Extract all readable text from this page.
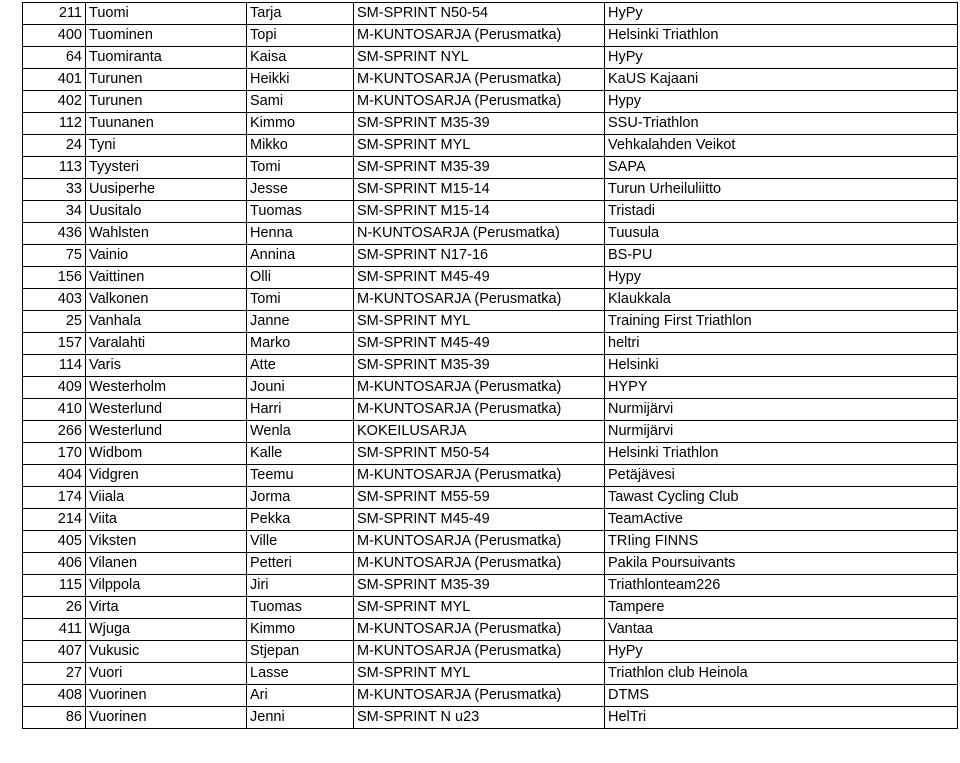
211	Tuomi	Tarja	SM-SPRINT N50-54	HyPy
400	Tuominen	Topi	M-KUNTOSARJA (Perusmatka)	Helsinki Triathlon
64	Tuomiranta	Kaisa	SM-SPRINT NYL	HyPy
401	Turunen	Heikki	M-KUNTOSARJA (Perusmatka)	KaUS Kajaani
402	Turunen	Sami	M-KUNTOSARJA (Perusmatka)	Hypy
112	Tuunanen	Kimmo	SM-SPRINT M35-39	SSU-Triathlon
24	Tyni	Mikko	SM-SPRINT MYL	Vehkalahden Veikot
113	Tyysteri	Tomi	SM-SPRINT M35-39	SAPA
33	Uusiperhe	Jesse	SM-SPRINT M15-14	Turun Urheiluliitto
34	Uusitalo	Tuomas	SM-SPRINT M15-14	Tristadi
436	Wahlsten	Henna	N-KUNTOSARJA (Perusmatka)	Tuusula
75	Vainio	Annina	SM-SPRINT N17-16	BS-PU
156	Vaittinen	Olli	SM-SPRINT M45-49	Hypy
403	Valkonen	Tomi	M-KUNTOSARJA (Perusmatka)	Klaukkala
25	Vanhala	Janne	SM-SPRINT MYL	Training First Triathlon
157	Varalahti	Marko	SM-SPRINT M45-49	heltri
114	Varis	Atte	SM-SPRINT M35-39	Helsinki
409	Westerholm	Jouni	M-KUNTOSARJA (Perusmatka)	HYPY
410	Westerlund	Harri	M-KUNTOSARJA (Perusmatka)	Nurmijärvi
266	Westerlund	Wenla	KOKEILUSARJA	Nurmijärvi
170	Widbom	Kalle	SM-SPRINT M50-54	Helsinki Triathlon
404	Vidgren	Teemu	M-KUNTOSARJA (Perusmatka)	Petäjävesi
174	Viiala	Jorma	SM-SPRINT M55-59	Tawast Cycling Club
214	Viita	Pekka	SM-SPRINT M45-49	TeamActive
405	Viksten	Ville	M-KUNTOSARJA (Perusmatka)	TRIing FINNS
406	Vilanen	Petteri	M-KUNTOSARJA (Perusmatka)	Pakila Poursuivants
115	Vilppola	Jiri	SM-SPRINT M35-39	Triathlonteam226
26	Virta	Tuomas	SM-SPRINT MYL	Tampere
411	Wjuga	Kimmo	M-KUNTOSARJA (Perusmatka)	Vantaa
407	Vukusic	Stjepan	M-KUNTOSARJA (Perusmatka)	HyPy
27	Vuori	Lasse	SM-SPRINT MYL	Triathlon club Heinola
408	Vuorinen	Ari	M-KUNTOSARJA (Perusmatka)	DTMS
86	Vuorinen	Jenni	SM-SPRINT N u23	HelTri
